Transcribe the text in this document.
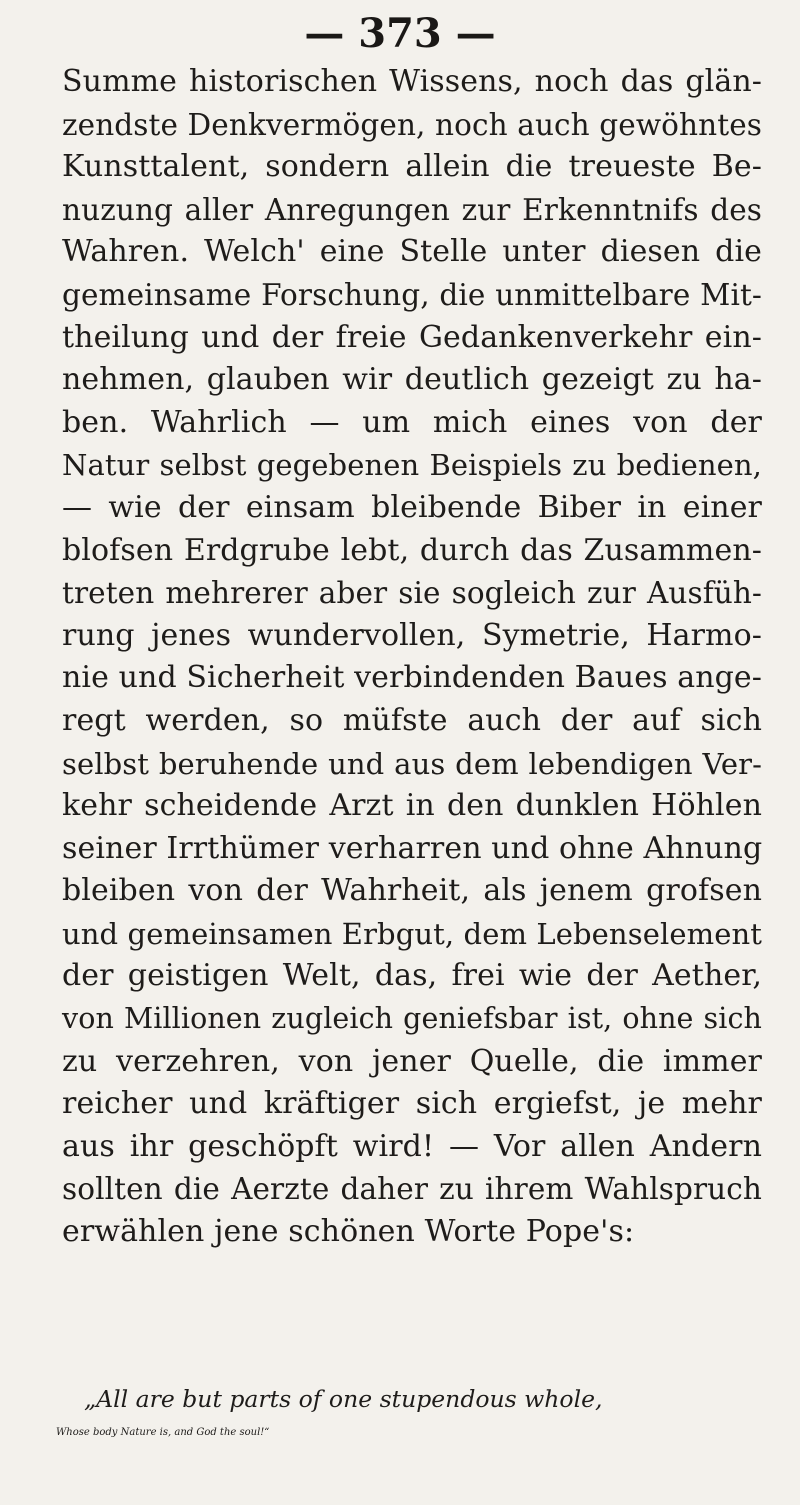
— 373 —
Summe historischen Wissens, noch das glän-
zendste Denkvermögen, noch auch gewöhntes
Kunsttalent, sondern allein die treueste Be-
nuzung aller Anregungen zur Erkenntnifs des
Wahren. Welch' eine Stelle unter diesen die
gemeinsame Forschung, die unmittelbare Mit-
theilung und der freie Gedankenverkehr ein-
nehmen, glauben wir deutlich gezeigt zu ha-
ben. Wahrlich — um mich eines von der
Natur selbst gegebenen Beispiels zu bedienen,
— wie der einsam bleibende Biber in einer
blofsen Erdgrube lebt, durch das Zusammen-
treten mehrerer aber sie sogleich zur Ausfüh-
rung jenes wundervollen, Symetrie, Harmo-
nie und Sicherheit verbindenden Baues ange-
regt werden, so müfste auch der auf sich
selbst beruhende und aus dem lebendigen Ver-
kehr scheidende Arzt in den dunklen Höhlen
seiner Irrthümer verharren und ohne Ahnung
bleiben von der Wahrheit, als jenem grofsen
und gemeinsamen Erbgut, dem Lebenselement
der geistigen Welt, das, frei wie der Aether,
von Millionen zugleich geniefsbar ist, ohne sich
zu verzehren, von jener Quelle, die immer
reicher und kräftiger sich ergiefst, je mehr
aus ihr geschöpft wird! — Vor allen Andern
sollten die Aerzte daher zu ihrem Wahlspruch
erwählen jene schönen Worte Pope's:
„All are but parts of one stupendous whole,
Whose body Nature is, and God the soul!“
